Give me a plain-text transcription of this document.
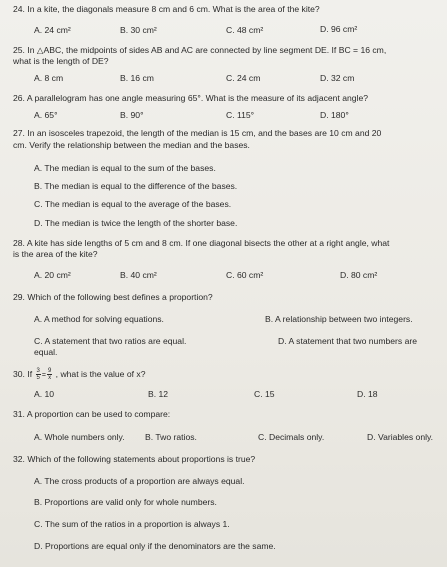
24. In a kite, the diagonals measure 8 cm and 6 cm. What is the area of the kite?
A. 24 cm²	B. 30 cm²	C. 48 cm²	D. 96 cm²
25. In △ABC, the midpoints of sides AB and AC are connected by line segment DE. If BC = 16 cm,
what is the length of DE?
A. 8 cm	B. 16 cm	C. 24 cm	D. 32 cm
26. A parallelogram has one angle measuring 65°. What is the measure of its adjacent angle?
A. 65°	B. 90°	C. 115°	D. 180°
27. In an isosceles trapezoid, the length of the median is 15 cm, and the bases are 10 cm and 20
cm. Verify the relationship between the median and the bases.
A. The median is equal to the sum of the bases.
B. The median is equal to the difference of the bases.
C. The median is equal to the average of the bases.
D. The median is twice the length of the shorter base.
28. A kite has side lengths of 5 cm and 8 cm. If one diagonal bisects the other at a right angle, what
is the area of the kite?
A. 20 cm²	B. 40 cm²	C. 60 cm²	D. 80 cm²
29. Which of the following best defines a proportion?
A. A method for solving equations.	B. A relationship between two integers.
C. A statement that two ratios are equal.	D. A statement that two numbers are
equal.
30. If $\frac{3}{5} = \frac{9}{x}$ , what is the value of x?
A. 10	B. 12	C. 15	D. 18
31. A proportion can be used to compare:
A. Whole numbers only. B. Two ratios.	C. Decimals only.	D. Variables only.
32. Which of the following statements about proportions is true?
A. The cross products of a proportion are always equal.
B. Proportions are valid only for whole numbers.
C. The sum of the ratios in a proportion is always 1.
D. Proportions are equal only if the denominators are the same.
